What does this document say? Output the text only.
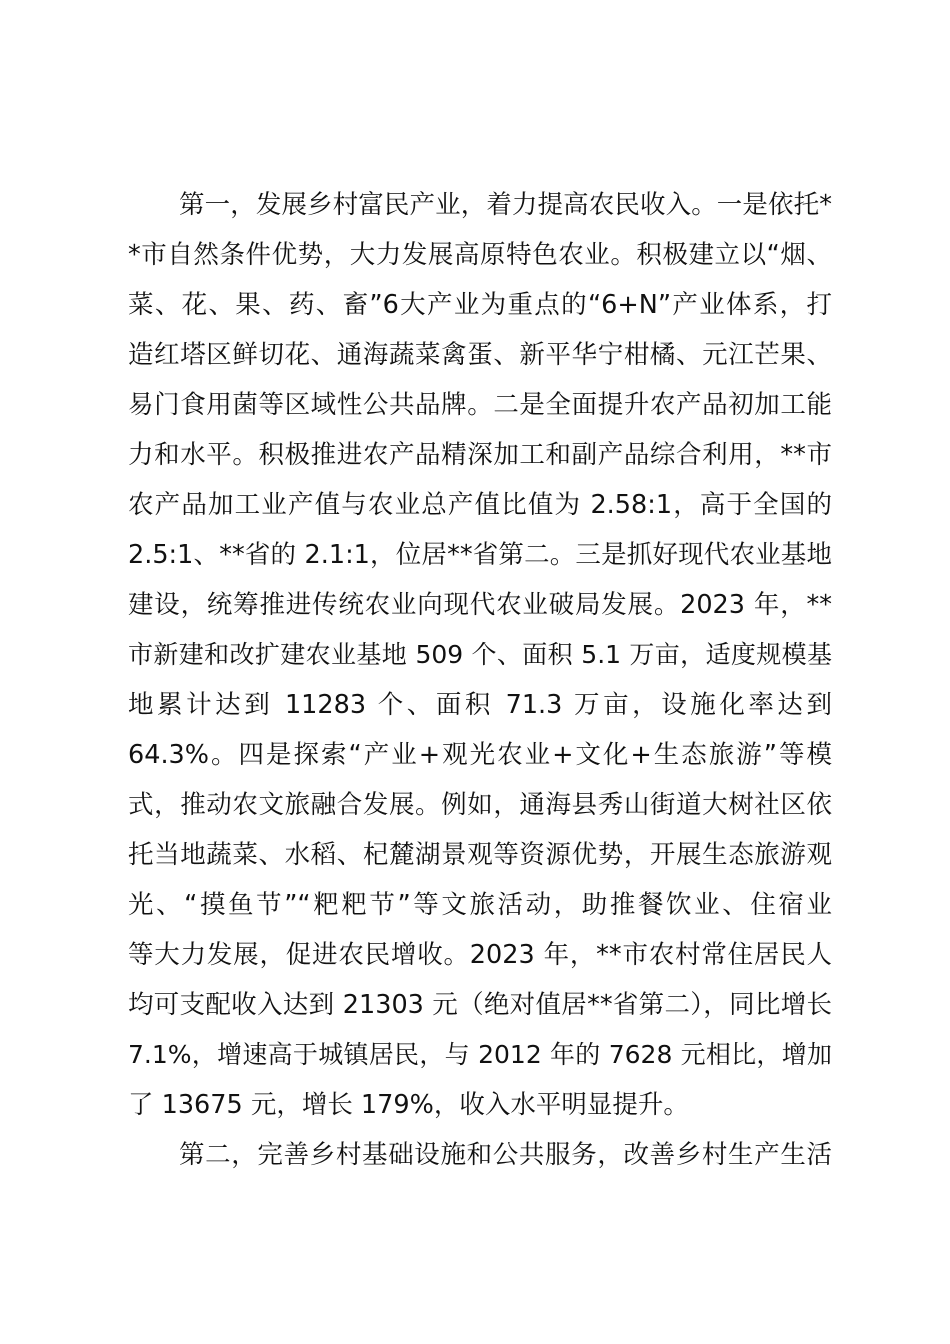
第一，发展乡村富民产业，着力提高农民收入。一是依托*
*市自然条件优势，大力发展高原特色农业。积极建立以“烟、
菜、花、果、药、畜”6大产业为重点的“6+N”产业体系，打
造红塔区鲜切花、通海蔬菜禽蛋、新平华宁柑橘、元江芒果、
易门食用菌等区域性公共品牌。二是全面提升农产品初加工能
力和水平。积极推进农产品精深加工和副产品综合利用，**市
农产品加工业产值与农业总产值比值为 2.58:1，高于全国的
2.5:1、**省的 2.1:1，位居**省第二。三是抓好现代农业基地
建设，统筹推进传统农业向现代农业破局发展。2023 年，**
市新建和改扩建农业基地 509 个、面积 5.1 万亩，适度规模基
地累计达到 11283 个、面积 71.3 万亩，设施化率达到
64.3%。四是探索“产业+观光农业+文化+生态旅游”等模
式，推动农文旅融合发展。例如，通海县秀山街道大树社区依
托当地蔬菜、水稻、杞麓湖景观等资源优势，开展生态旅游观
光、“摸鱼节”“粑粑节”等文旅活动，助推餐饮业、住宿业
等大力发展，促进农民增收。2023 年，**市农村常住居民人
均可支配收入达到 21303 元（绝对值居**省第二），同比增长
7.1%，增速高于城镇居民，与 2012 年的 7628 元相比，增加
了 13675 元，增长 179%，收入水平明显提升。
第二，完善乡村基础设施和公共服务，改善乡村生产生活
